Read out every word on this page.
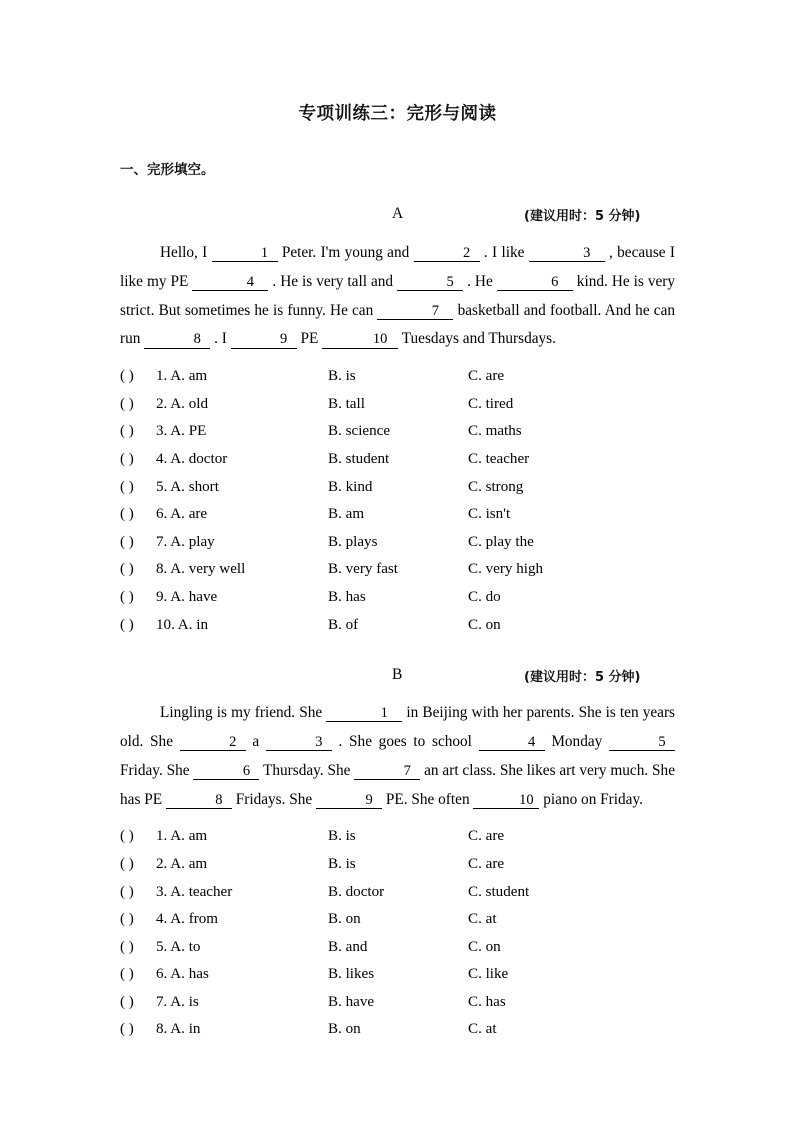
专项训练三：完形与阅读
一、完形填空。
A	(建议用时：5 分钟)

Hello, I	1 Peter. I'm young and	2 . I like	3 , because I like my PE	4 . He is very tall and	5 . He	6 kind. He is very strict. But sometimes he is funny. He can	7 basketball and football. And he can run	8 . I	9 PE	10 Tuesdays and Thursdays.

( ) 1. A. am	B. is	C. are
( ) 2. A. old	B. tall	C. tired
( ) 3. A. PE	B. science	C. maths
( ) 4. A. doctor	B. student	C. teacher
( ) 5. A. short	B. kind	C. strong
( ) 6. A. are	B. am	C. isn't
( ) 7. A. play	B. plays	C. play the
( ) 8. A. very well	B. very fast	C. very high
( ) 9. A. have	B. has	C. do
( ) 10. A. in	B. of	C. on
B	(建议用时：5 分钟)

Lingling is my friend. She	1 in Beijing with her parents. She is ten years old. She	2 a	3 . She goes to school	4 Monday	5 Friday. She	6 Thursday. She	7 an art class. She likes art very much. She has PE	8 Fridays. She	9 PE. She often	10 piano on Friday.

( ) 1. A. am	B. is	C. are
( ) 2. A. am	B. is	C. are
( ) 3. A. teacher	B. doctor	C. student
( ) 4. A. from	B. on	C. at
( ) 5. A. to	B. and	C. on
( ) 6. A. has	B. likes	C. like
( ) 7. A. is	B. have	C. has
( ) 8. A. in	B. on	C. at
